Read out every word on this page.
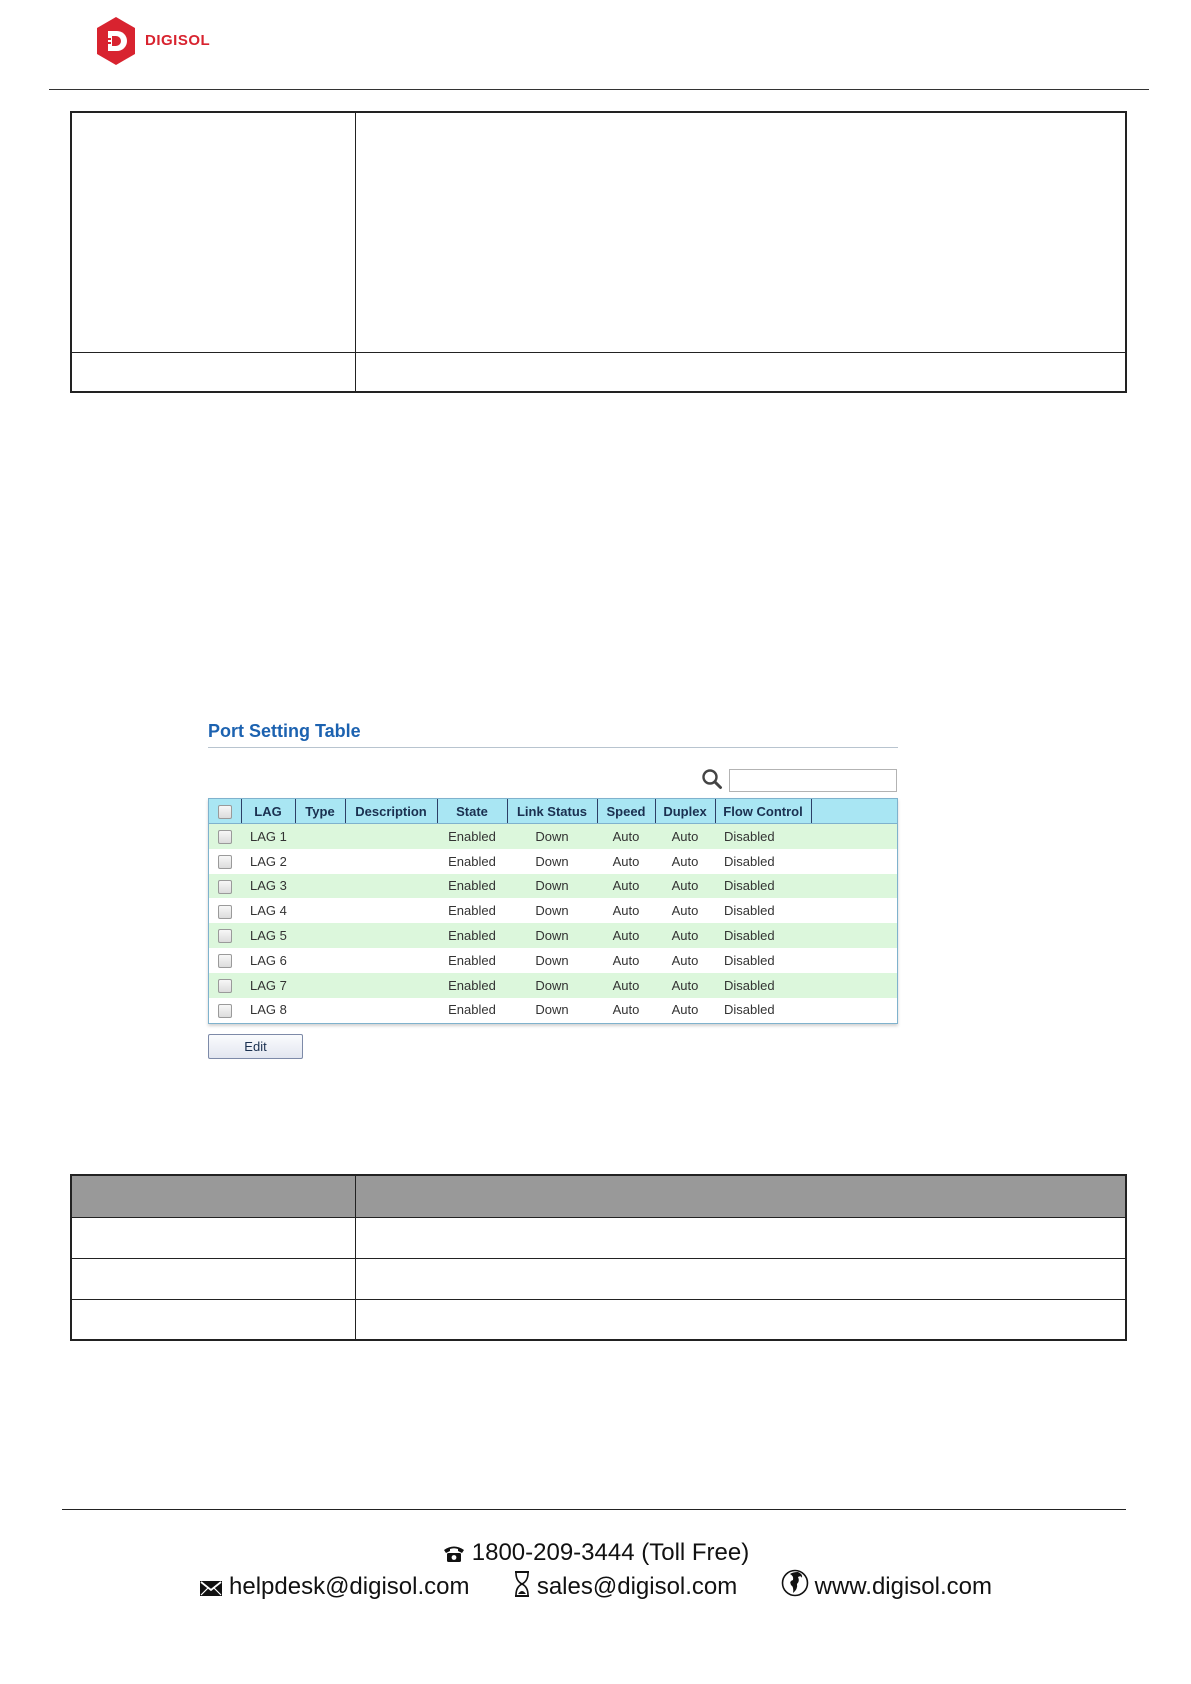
DIGISOL
Port Setting Table
	LAG	Type	Description	State	Link Status	Speed	Duplex	Flow Control	
	LAG 1			Enabled	Down	Auto	Auto	Disabled	
	LAG 2			Enabled	Down	Auto	Auto	Disabled	
	LAG 3			Enabled	Down	Auto	Auto	Disabled	
	LAG 4			Enabled	Down	Auto	Auto	Disabled	
	LAG 5			Enabled	Down	Auto	Auto	Disabled	
	LAG 6			Enabled	Down	Auto	Auto	Disabled	
	LAG 7			Enabled	Down	Auto	Auto	Disabled	
	LAG 8			Enabled	Down	Auto	Auto	Disabled	
Edit
1800-209-3444 (Toll Free)
helpdesk@digisol.com	sales@digisol.com	www.digisol.com
